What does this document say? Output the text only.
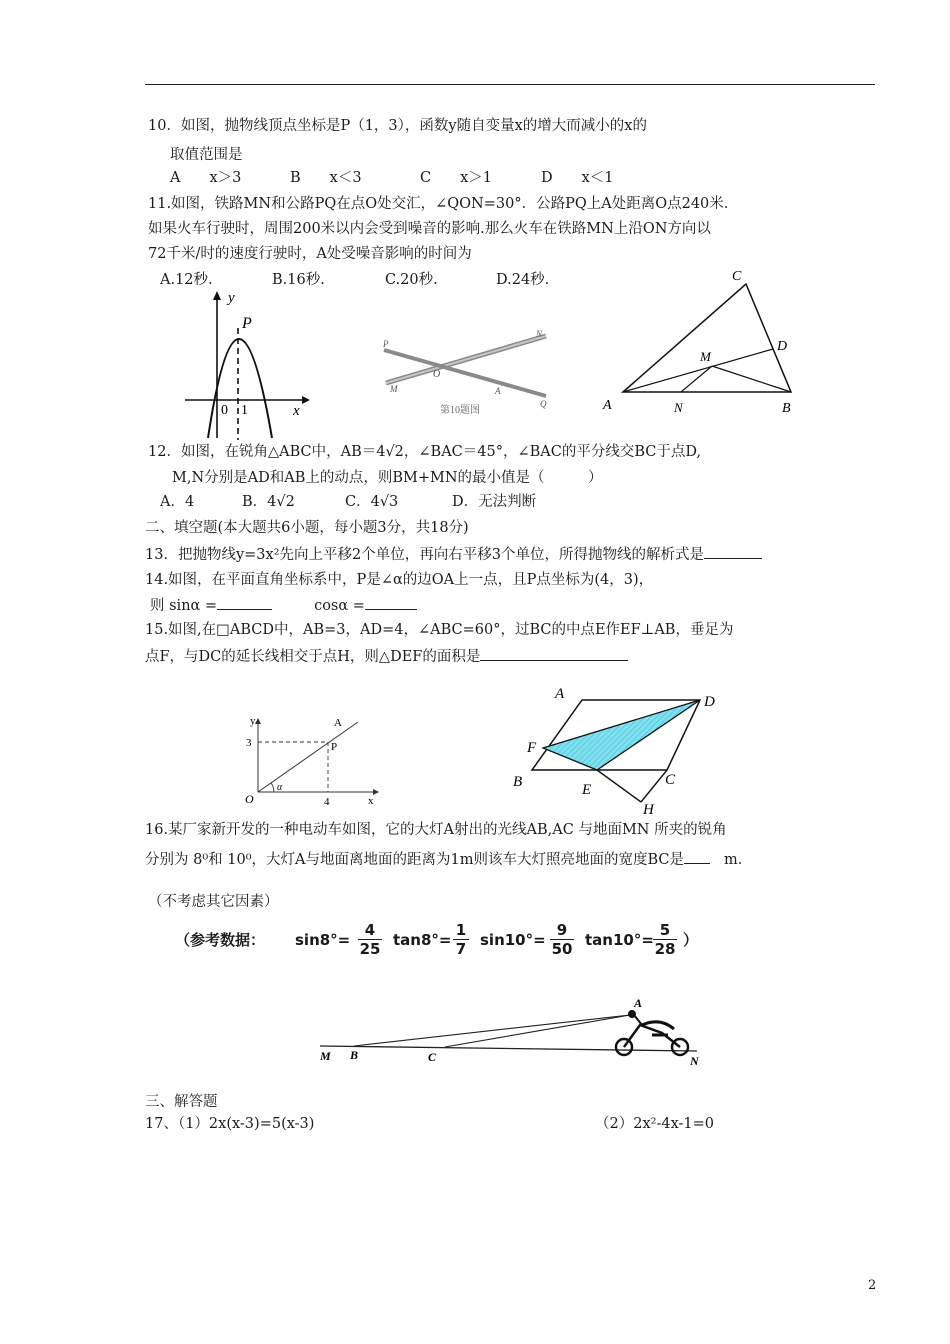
10．如图，抛物线顶点坐标是P（1，3），函数y随自变量x的增大而减小的x的
取值范围是
A　　x＞3	B　　x＜3	C　　x＞1	D　　x＜1
11.如图，铁路MN和公路PQ在点O处交汇，∠QON=30°．公路PQ上A处距离O点240米.
如果火车行驶时，周围200米以内会受到噪音的影响.那么火车在铁路MN上沿ON方向以
72千米/时的速度行驶时，A处受噪音影响的时间为
A.12秒.	B.16秒.	C.20秒.	D.24秒.
y
P
0 1	x
P
M
O
A
N
Q
第10题图
C
D
M
A	N	B
12．如图，在锐角△ABC中，AB＝4√2，∠BAC＝45°，∠BAC的平分线交BC于点D,
M,N分别是AD和AB上的动点，则BM+MN的最小值是（　　　）
A．4	B．4√2	C．4√3	D．无法判断
二、填空题(本大题共6小题，每小题3分，共18分)
13．把抛物线y=3x²先向上平移2个单位，再向右平移3个单位，所得抛物线的解析式是
14.如图，在平面直角坐标系中，P是∠α的边OA上一点，且P点坐标为(4，3)，
则 sinα =	cosα =
15.如图,在□ABCD中，AB=3，AD=4，∠ABC=60°，过BC的中点E作EF⊥AB，垂足为
点F，与DC的延长线相交于点H，则△DEF的面积是
y	A
3	P
O
α
4	x
A	D
F
B	E
C
H
16.某厂家新开发的一种电动车如图，它的大灯A射出的光线AB,AC 与地面MN 所夹的锐角
分别为 8⁰和 10⁰，大灯A与地面离地面的距离为1m则该车大灯照亮地面的宽度BC是	m．
（不考虑其它因素）
（参考数据： $\sin 8^\circ= \frac{4}{25} \tan 8^\circ= \frac{1}{7} \sin 10^\circ= \frac{9}{50} \tan 10^\circ= \frac{5}{28}$ ）
M B	C
A
N
三、解答题
17、（1）2x(x-3)=5(x-3)	（2）2x²-4x-1=0
2
